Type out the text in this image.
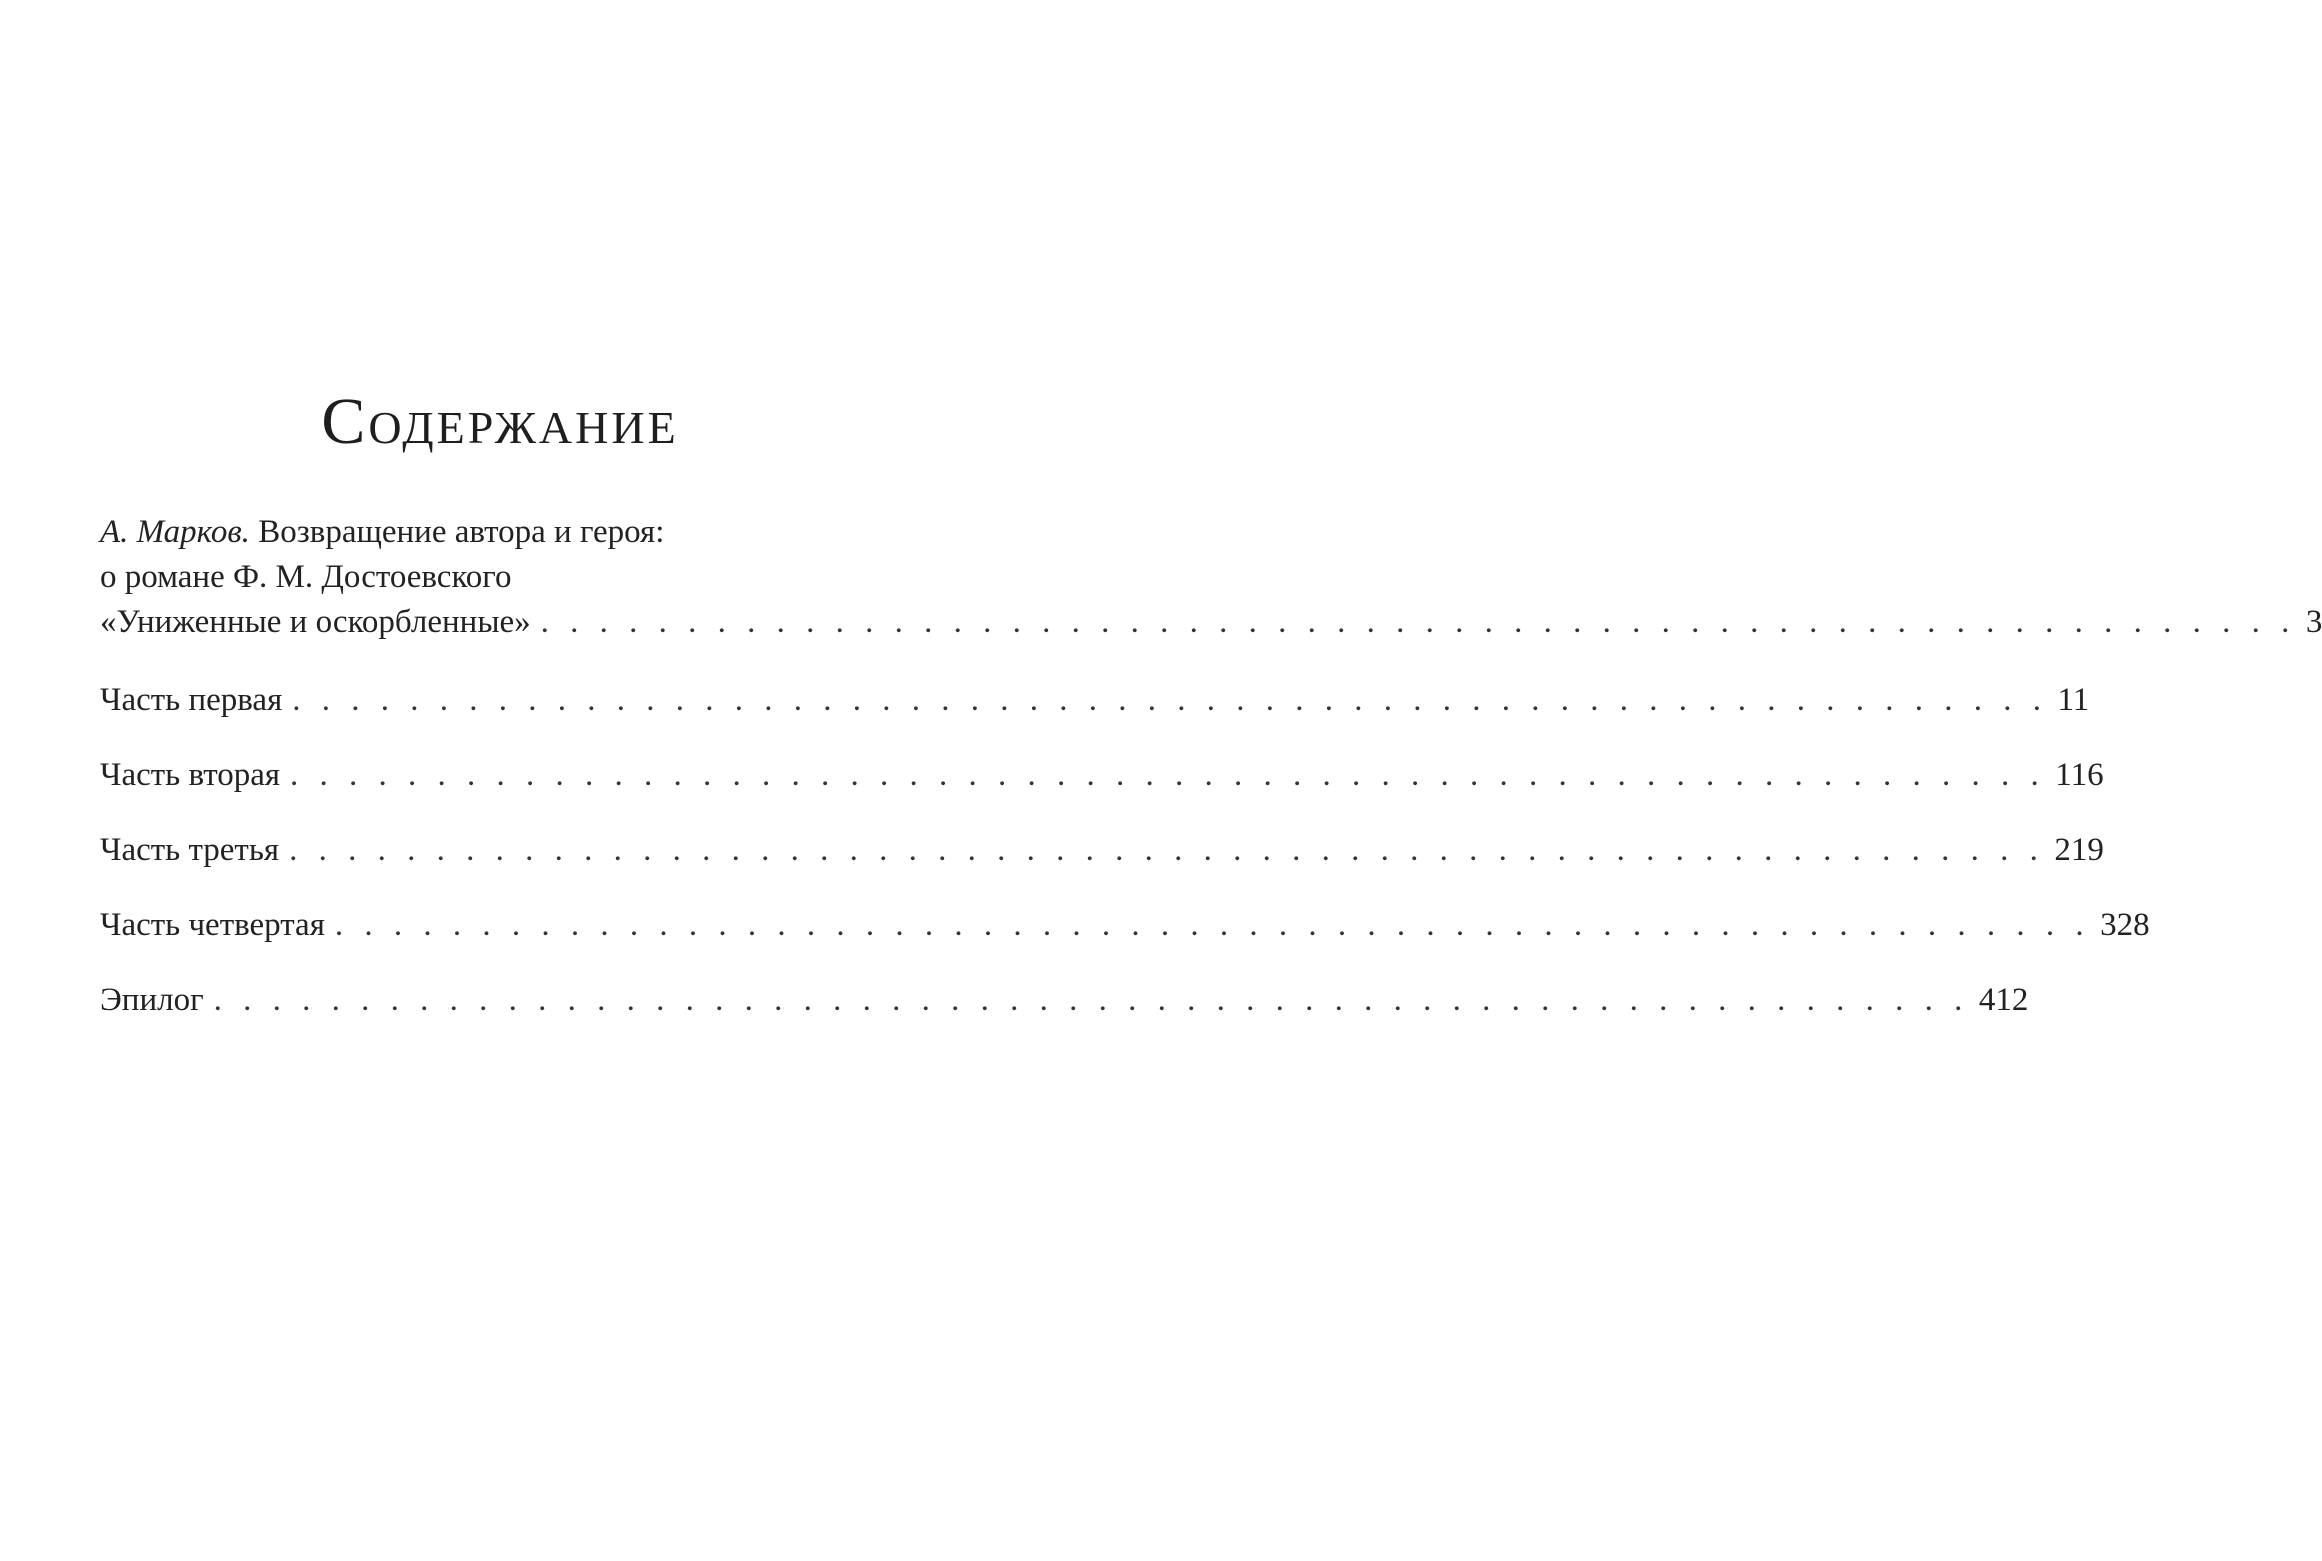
Содержание
А. Марков. Возвращение автора и героя:
о романе Ф. М. Достоевского
«Униженные и оскорбленные» . . . . . . . . . . . . . . . . . . . . . . . . . . . . . . . . . . . . . . . . . . . . . . . . . . . . . . . . . . . . 3
Часть первая . . . . . . . . . . . . . . . . . . . . . . . . . . . . . . . . . . . . . . . . . . . . . . . . . . . . . . . . . . . . 11
Часть вторая . . . . . . . . . . . . . . . . . . . . . . . . . . . . . . . . . . . . . . . . . . . . . . . . . . . . . . . . . . . . 116
Часть третья . . . . . . . . . . . . . . . . . . . . . . . . . . . . . . . . . . . . . . . . . . . . . . . . . . . . . . . . . . . . 219
Часть четвертая . . . . . . . . . . . . . . . . . . . . . . . . . . . . . . . . . . . . . . . . . . . . . . . . . . . . . . . . . . . . 328
Эпилог . . . . . . . . . . . . . . . . . . . . . . . . . . . . . . . . . . . . . . . . . . . . . . . . . . . . . . . . . . . . 412
